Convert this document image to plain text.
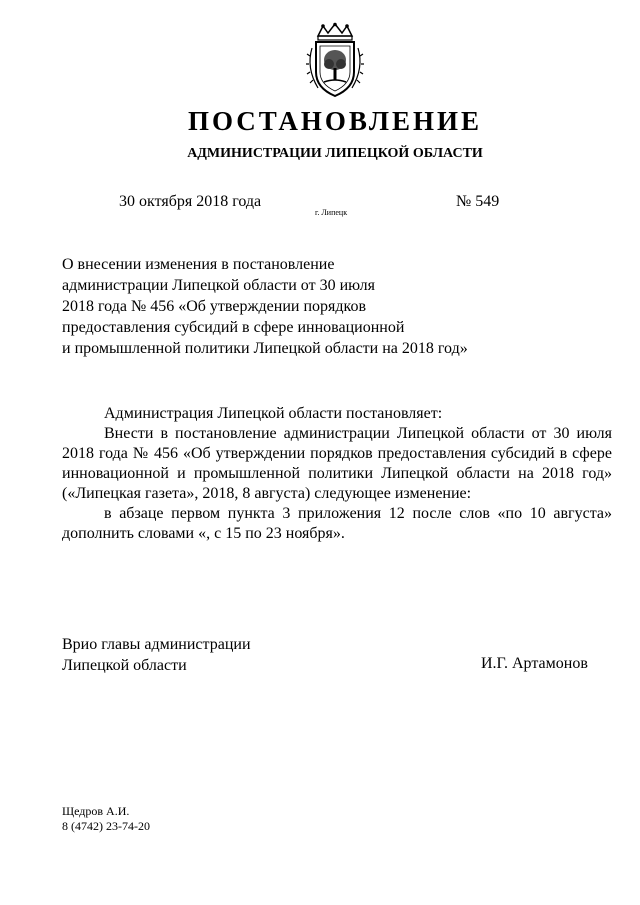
ПОСТАНОВЛЕНИЕ
АДМИНИСТРАЦИИ ЛИПЕЦКОЙ ОБЛАСТИ
30 октября 2018 года
г. Липецк
№ 549
О внесении изменения в постановление
администрации Липецкой области от 30 июля
2018 года № 456 «Об утверждении порядков
предоставления субсидий в сфере инновационной
и промышленной политики Липецкой области на 2018 год»

Администрация Липецкой области постановляет:

Внести в постановление администрации Липецкой области от 30 июля 2018 года № 456 «Об утверждении порядков предоставления субсидий в сфере инновационной и промышленной политики Липецкой области на 2018 год» («Липецкая газета», 2018, 8 августа) следующее изменение:

в абзаце первом пункта 3 приложения 12 после слов «по 10 августа» дополнить словами «, с 15 по 23 ноября».

Врио главы администрации
Липецкой области	И.Г. Артамонов
Щедров А.И.
8 (4742) 23-74-20
